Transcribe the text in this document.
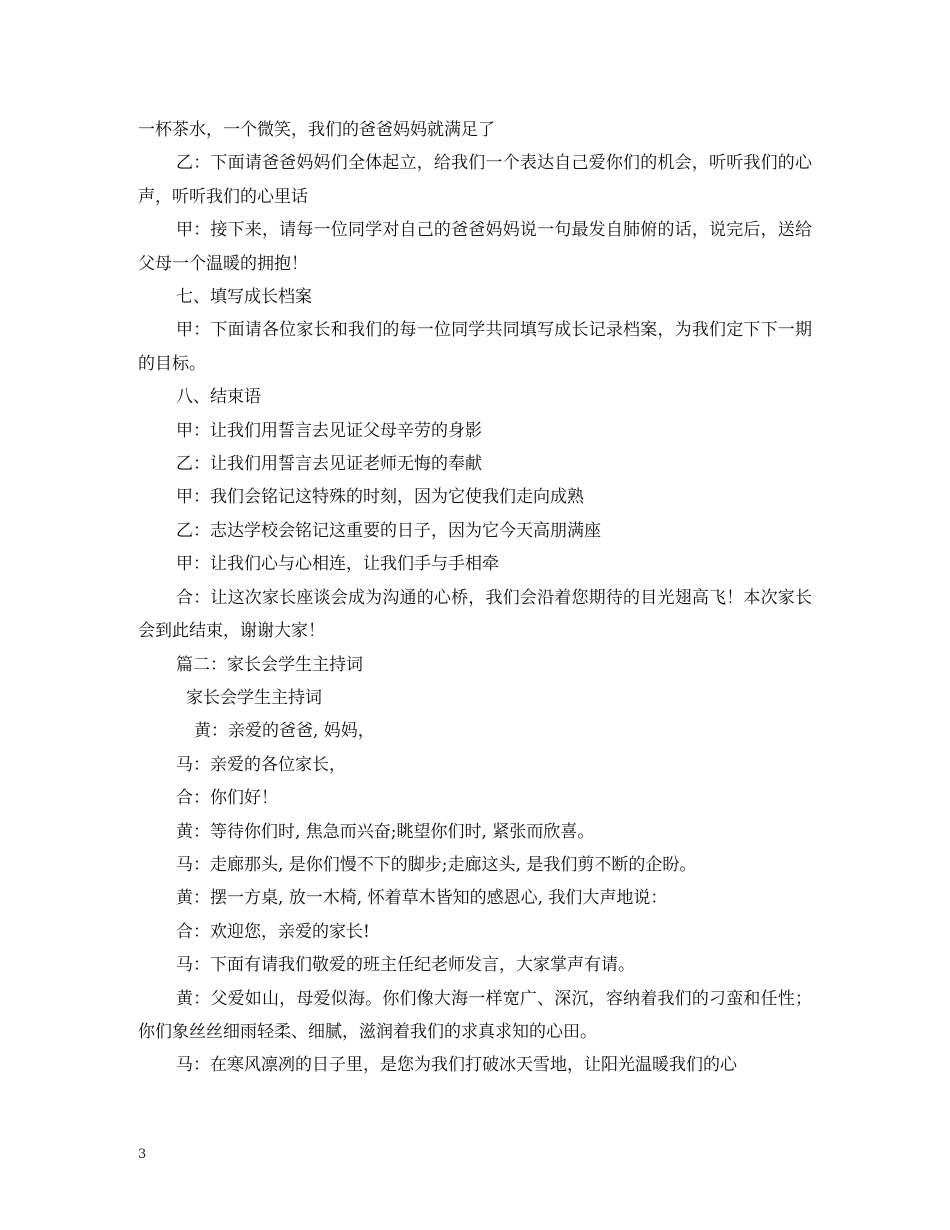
一杯茶水，一个微笑，我们的爸爸妈妈就满足了

乙：下面请爸爸妈妈们全体起立，给我们一个表达自己爱你们的机会，听听我们的心声，听听我们的心里话

甲：接下来，请每一位同学对自己的爸爸妈妈说一句最发自肺俯的话，说完后，送给父母一个温暖的拥抱！

七、填写成长档案

甲：下面请各位家长和我们的每一位同学共同填写成长记录档案，为我们定下下一期的目标。

八、结束语

甲：让我们用誓言去见证父母辛劳的身影

乙：让我们用誓言去见证老师无悔的奉献

甲：我们会铭记这特殊的时刻，因为它使我们走向成熟

乙：志达学校会铭记这重要的日子，因为它今天高朋满座

甲：让我们心与心相连，让我们手与手相牵

合：让这次家长座谈会成为沟通的心桥，我们会沿着您期待的目光翅高飞！本次家长会到此结束，谢谢大家！

篇二：家长会学生主持词

家长会学生主持词

黄：亲爱的爸爸, 妈妈，

马：亲爱的各位家长，

合：你们好！

黄：等待你们时, 焦急而兴奋;眺望你们时, 紧张而欣喜。

马：走廊那头, 是你们慢不下的脚步;走廊这头, 是我们剪不断的企盼。

黄：摆一方桌, 放一木椅, 怀着草木皆知的感恩心, 我们大声地说：

合：欢迎您，亲爱的家长!

马：下面有请我们敬爱的班主任纪老师发言，大家掌声有请。

黄：父爱如山，母爱似海。你们像大海一样宽广、深沉，容纳着我们的刁蛮和任性；你们象丝丝细雨轻柔、细腻，滋润着我们的求真求知的心田。

马：在寒风凛冽的日子里，是您为我们打破冰天雪地，让阳光温暖我们的心

3
